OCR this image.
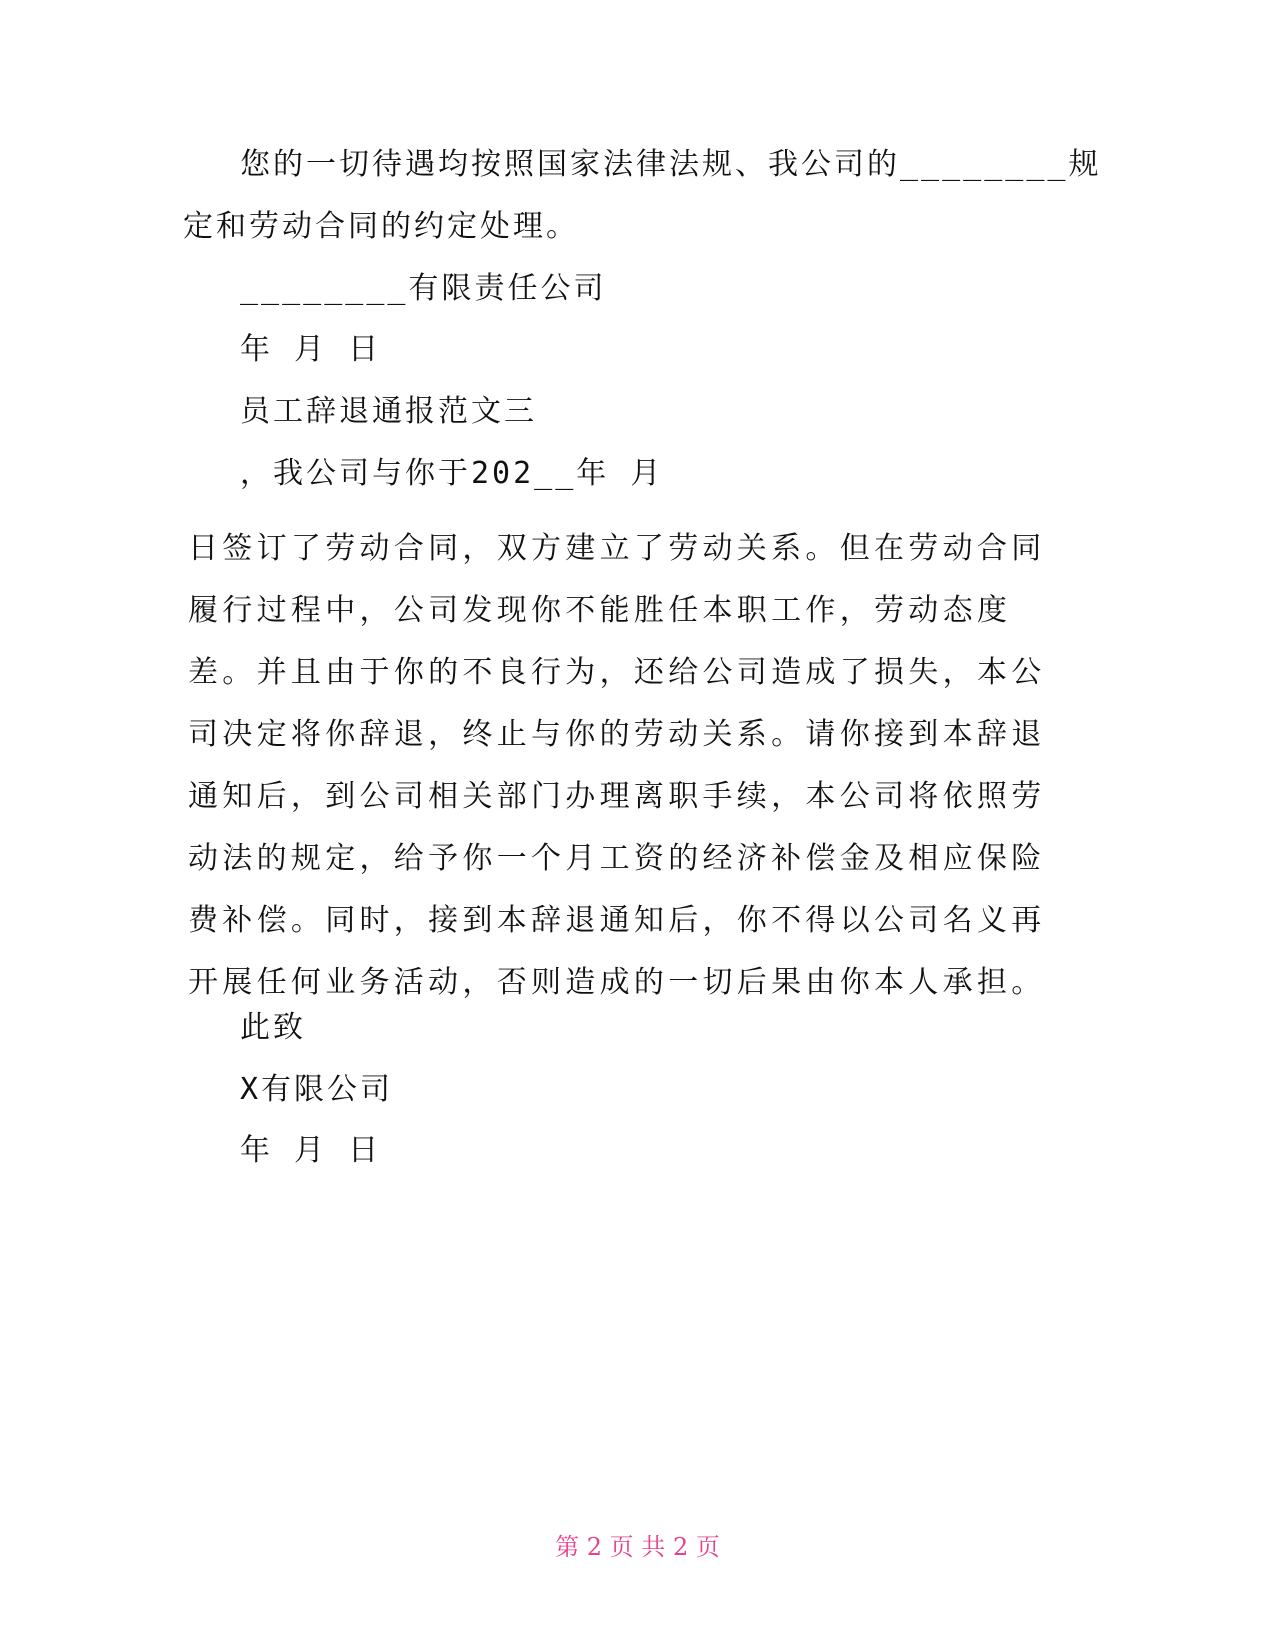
您的一切待遇均按照国家法律法规、我公司的________规
定和劳动合同的约定处理。
________有限责任公司
年 月 日
员工辞退通报范文三
，我公司与你于202__年 月
日签订了劳动合同，双方建立了劳动关系。但在劳动合同履行过程中，公司发现你不能胜任本职工作，劳动态度差。并且由于你的不良行为，还给公司造成了损失，本公司决定将你辞退，终止与你的劳动关系。请你接到本辞退通知后，到公司相关部门办理离职手续，本公司将依照劳动法的规定，给予你一个月工资的经济补偿金及相应保险费补偿。同时，接到本辞退通知后，你不得以公司名义再开展任何业务活动，否则造成的一切后果由你本人承担。
此致
X有限公司
年 月 日
第 2 页 共 2 页
